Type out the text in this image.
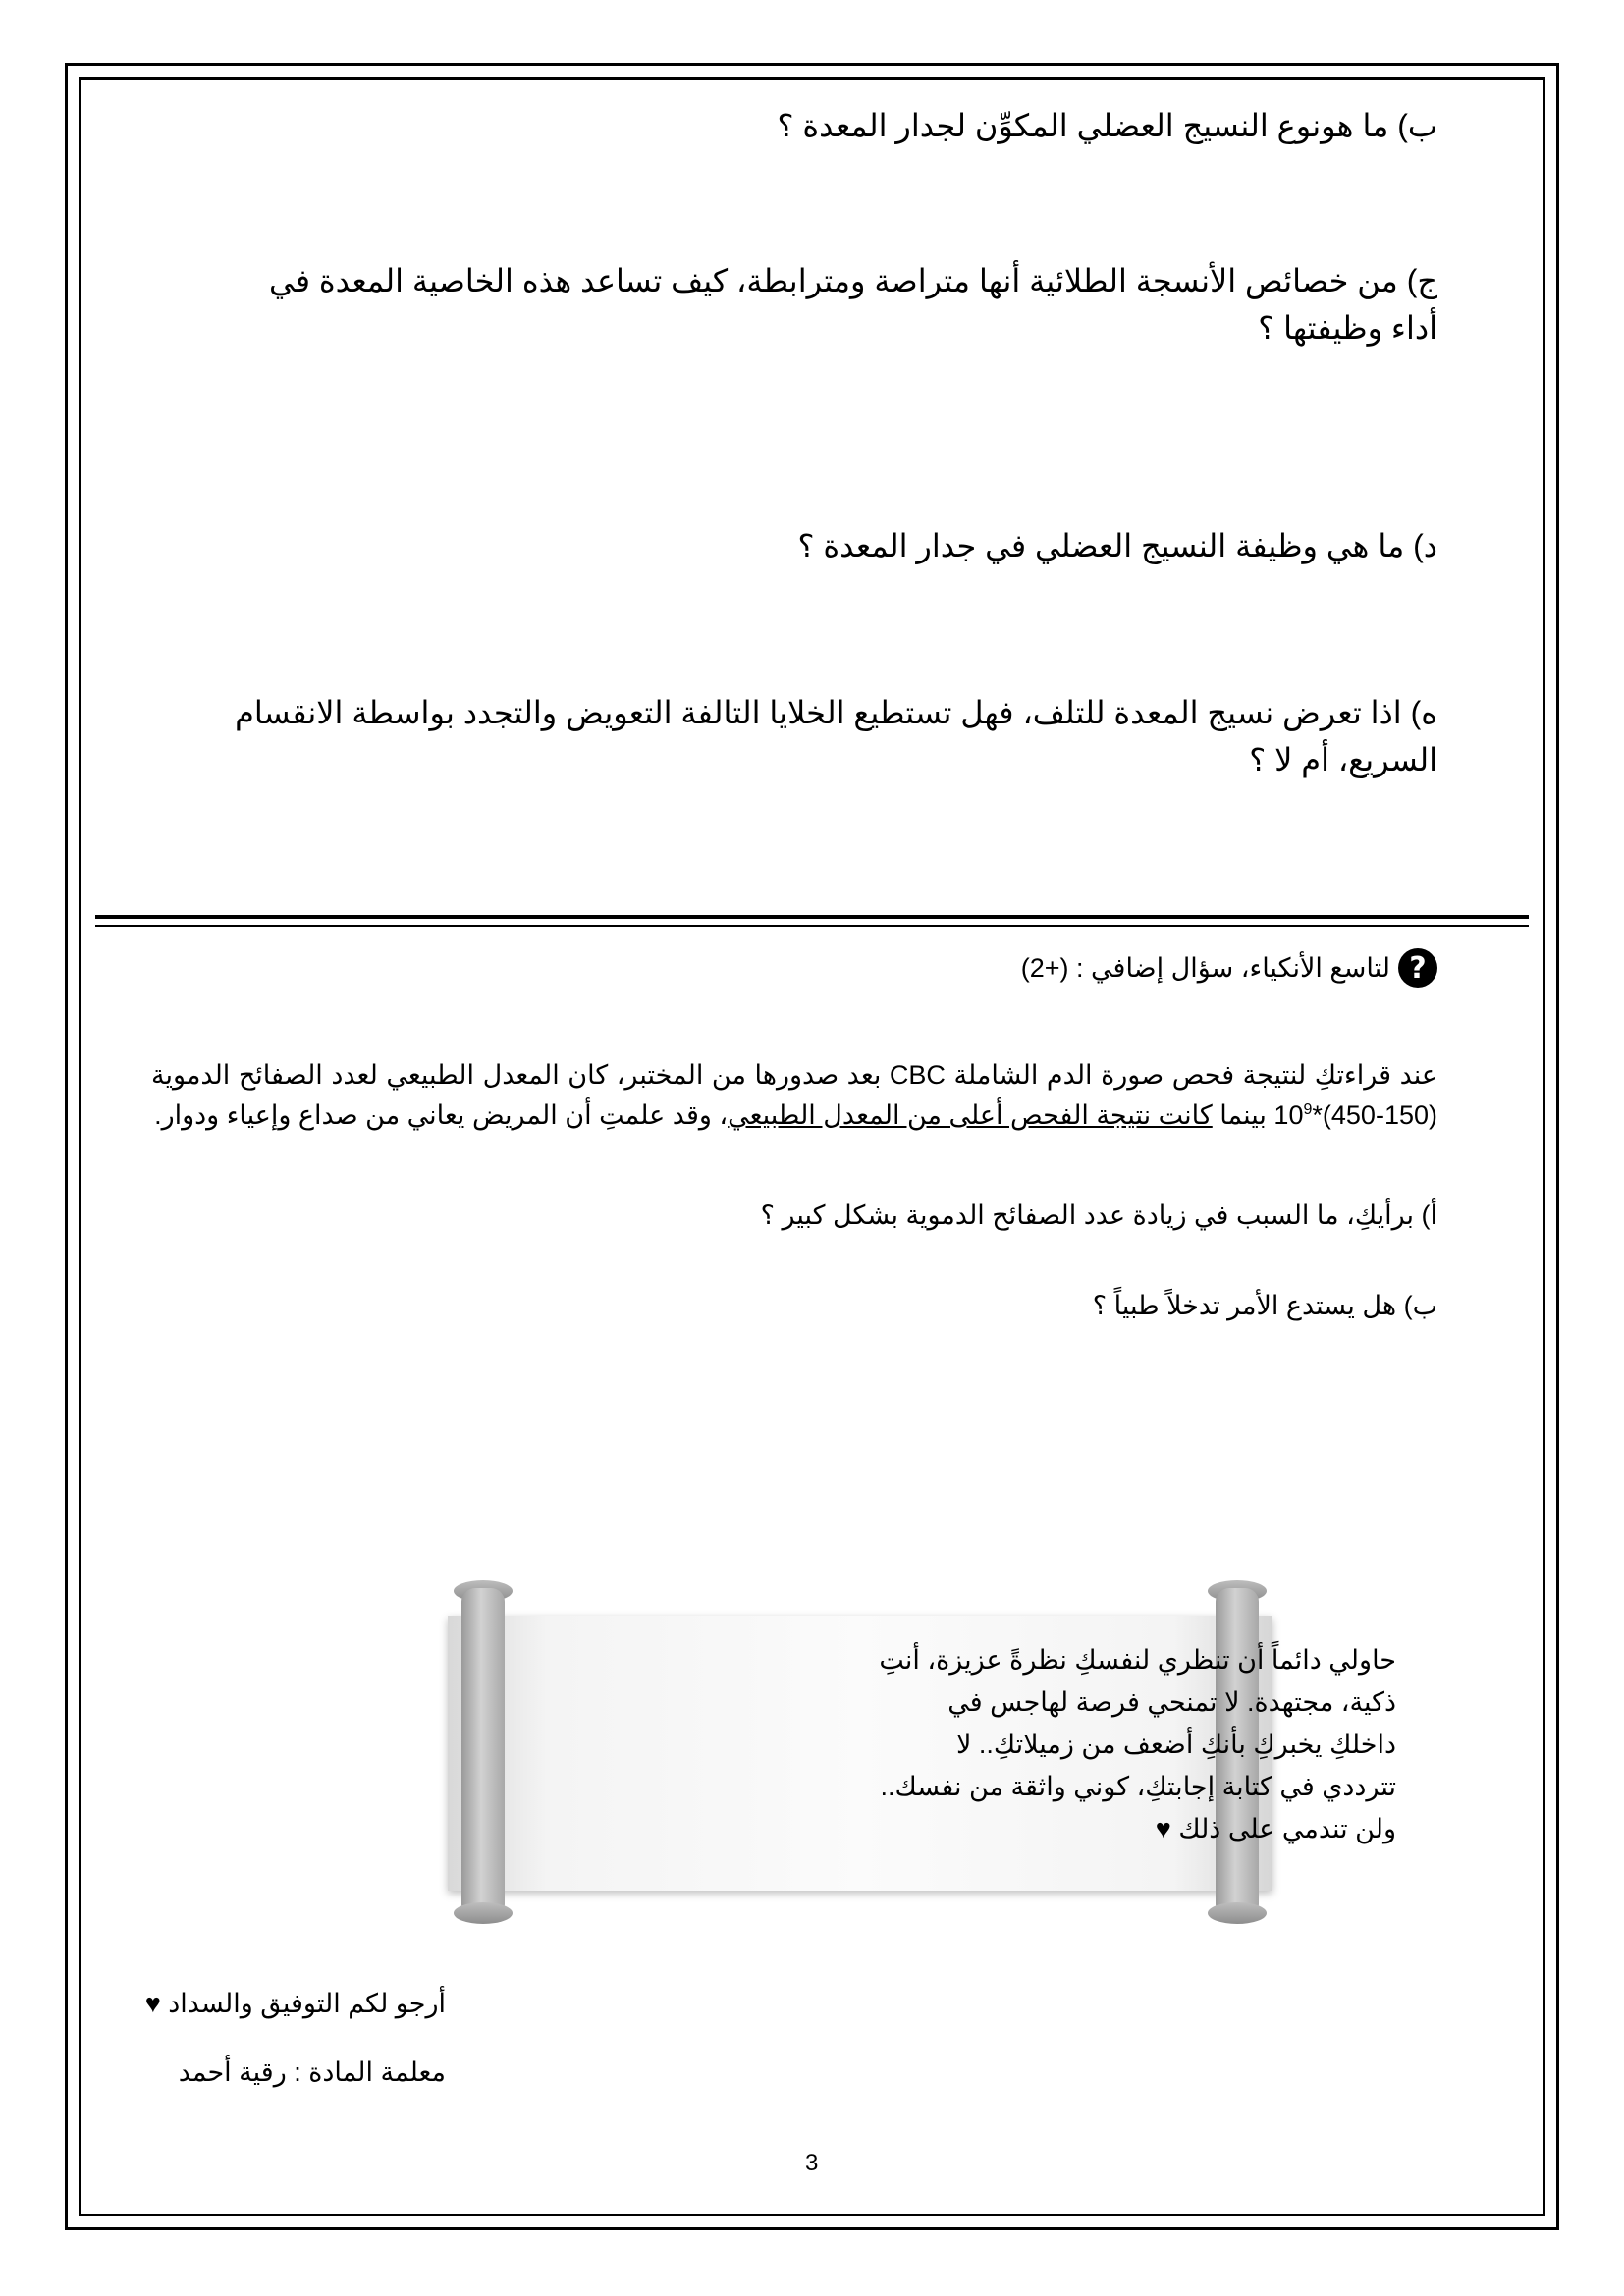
ب) ما هونوع النسيج العضلي المكوِّن لجدار المعدة ؟
ج) من خصائص الأنسجة الطلائية أنها متراصة ومترابطة، كيف تساعد هذه الخاصية المعدة في
أداء وظيفتها ؟
د) ما هي وظيفة النسيج العضلي في جدار المعدة ؟
ه) اذا تعرض نسيج المعدة للتلف، فهل تستطيع الخلايا التالفة التعويض والتجدد بواسطة الانقسام
السريع، أم لا ؟
?
لتاسع الأنكياء، سؤال إضافي : (+2)
عند قراءتكِ لنتيجة فحص صورة الدم الشاملة CBC بعد صدورها من المختبر، كان المعدل الطبيعي لعدد الصفائح الدموية $(150-450)*10^9$ بينما كانت نتيجة الفحص أعلى من المعدل الطبيعي، وقد علمتِ أن المريض يعاني من صداع وإعياء ودوار.
أ) برأيكِ، ما السبب في زيادة عدد الصفائح الدموية بشكل كبير ؟
ب) هل يستدع الأمر تدخلاً طبياً ؟
حاولي دائماً أن تنظري لنفسكِ نظرةً عزيزة، أنتِ
ذكية، مجتهدة. لا تمنحي فرصة لهاجس في
داخلكِ يخبركِ بأنكِ أضعف من زميلاتكِ.. لا
تترددي في كتابة إجابتكِ، كوني واثقة من نفسك..
ولن تندمي على ذلك ♥
أرجو لكم التوفيق والسداد ♥
معلمة المادة : رقية أحمد
3
